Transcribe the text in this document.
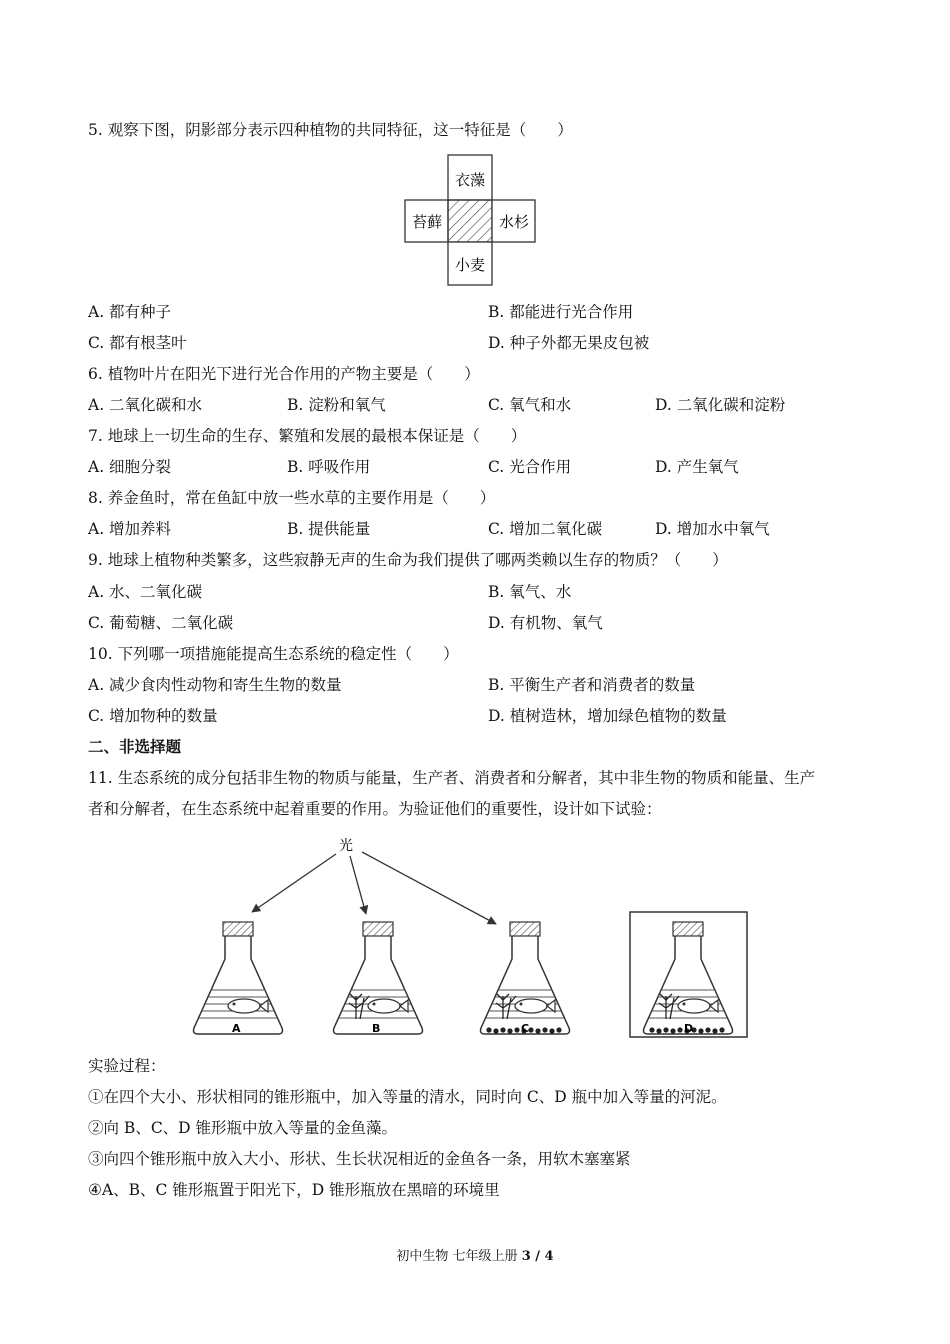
5. 观察下图，阴影部分表示四种植物的共同特征，这一特征是（　　）
衣藻
苔藓	水杉
小麦
A. 都有种子	B. 都能进行光合作用
C. 都有根茎叶	D. 种子外都无果皮包被
6. 植物叶片在阳光下进行光合作用的产物主要是（　　）
A. 二氧化碳和水	B. 淀粉和氧气	C. 氧气和水	D. 二氧化碳和淀粉
7. 地球上一切生命的生存、繁殖和发展的最根本保证是（　　）
A. 细胞分裂	B. 呼吸作用	C. 光合作用	D. 产生氧气
8. 养金鱼时，常在鱼缸中放一些水草的主要作用是（　　）
A. 增加养料	B. 提供能量	C. 增加二氧化碳	D. 增加水中氧气
9. 地球上植物种类繁多，这些寂静无声的生命为我们提供了哪两类赖以生存的物质？（　　）
A. 水、二氧化碳	B. 氧气、水
C. 葡萄糖、二氧化碳	D. 有机物、氧气
10. 下列哪一项措施能提高生态系统的稳定性（　　）
A. 减少食肉性动物和寄生生物的数量	B. 平衡生产者和消费者的数量
C. 增加物种的数量	D. 植树造林，增加绿色植物的数量
二、非选择题
11. 生态系统的成分包括非生物的物质与能量，生产者、消费者和分解者，其中非生物的物质和能量、生产
者和分解者，在生态系统中起着重要的作用。为验证他们的重要性，设计如下试验：
光
A	B	C	D
实验过程：
①在四个大小、形状相同的锥形瓶中，加入等量的清水，同时向 C、D 瓶中加入等量的河泥。
②向 B、C、D 锥形瓶中放入等量的金鱼藻。
③向四个锥形瓶中放入大小、形状、生长状况相近的金鱼各一条，用软木塞塞紧
④A、B、C 锥形瓶置于阳光下，D 锥形瓶放在黑暗的环境里
初中生物 七年级上册 3 / 4
